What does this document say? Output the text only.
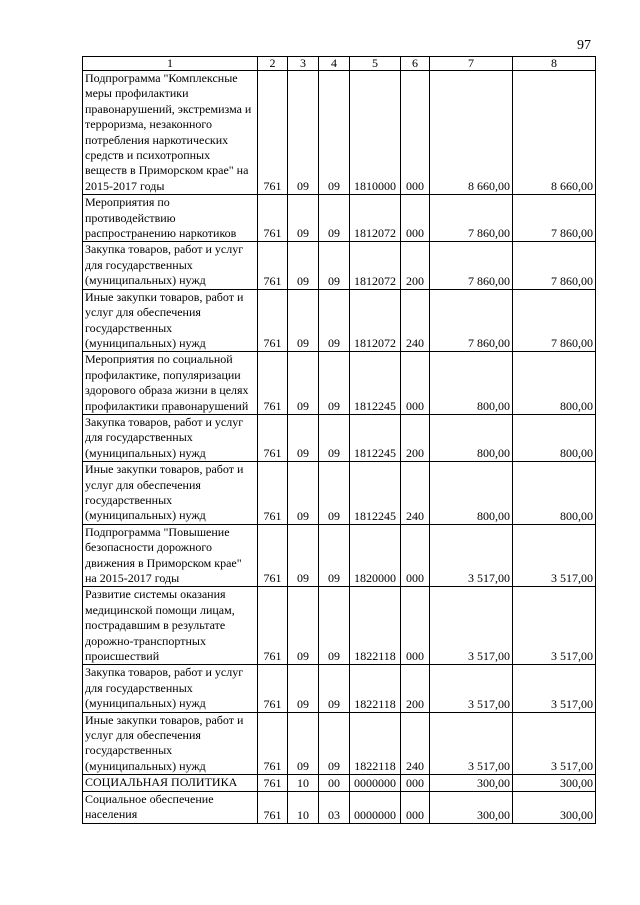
97
1	2	3	4	5	6	7	8
Подпрограмма "Комплексные меры профилактики правонарушений, экстремизма и терроризма, незаконного потребления наркотических средств и психотропных веществ в Приморском крае" на 2015-2017 годы	761	09	09	1810000	000	8 660,00	8 660,00
Мероприятия по противодействию распространению наркотиков	761	09	09	1812072	000	7 860,00	7 860,00
Закупка товаров, работ и услуг для государственных (муниципальных) нужд	761	09	09	1812072	200	7 860,00	7 860,00
Иные закупки товаров, работ и услуг для обеспечения государственных (муниципальных) нужд	761	09	09	1812072	240	7 860,00	7 860,00
Мероприятия по социальной профилактике, популяризации здорового образа жизни в целях профилактики правонарушений	761	09	09	1812245	000	800,00	800,00
Закупка товаров, работ и услуг для государственных (муниципальных) нужд	761	09	09	1812245	200	800,00	800,00
Иные закупки товаров, работ и услуг для обеспечения государственных (муниципальных) нужд	761	09	09	1812245	240	800,00	800,00
Подпрограмма "Повышение безопасности дорожного движения в Приморском крае" на 2015-2017 годы	761	09	09	1820000	000	3 517,00	3 517,00
Развитие системы оказания медицинской помощи лицам, пострадавшим в результате дорожно-транспортных происшествий	761	09	09	1822118	000	3 517,00	3 517,00
Закупка товаров, работ и услуг для государственных (муниципальных) нужд	761	09	09	1822118	200	3 517,00	3 517,00
Иные закупки товаров, работ и услуг для обеспечения государственных (муниципальных) нужд	761	09	09	1822118	240	3 517,00	3 517,00
СОЦИАЛЬНАЯ ПОЛИТИКА	761	10	00	0000000	000	300,00	300,00
Социальное обеспечение населения	761	10	03	0000000	000	300,00	300,00
